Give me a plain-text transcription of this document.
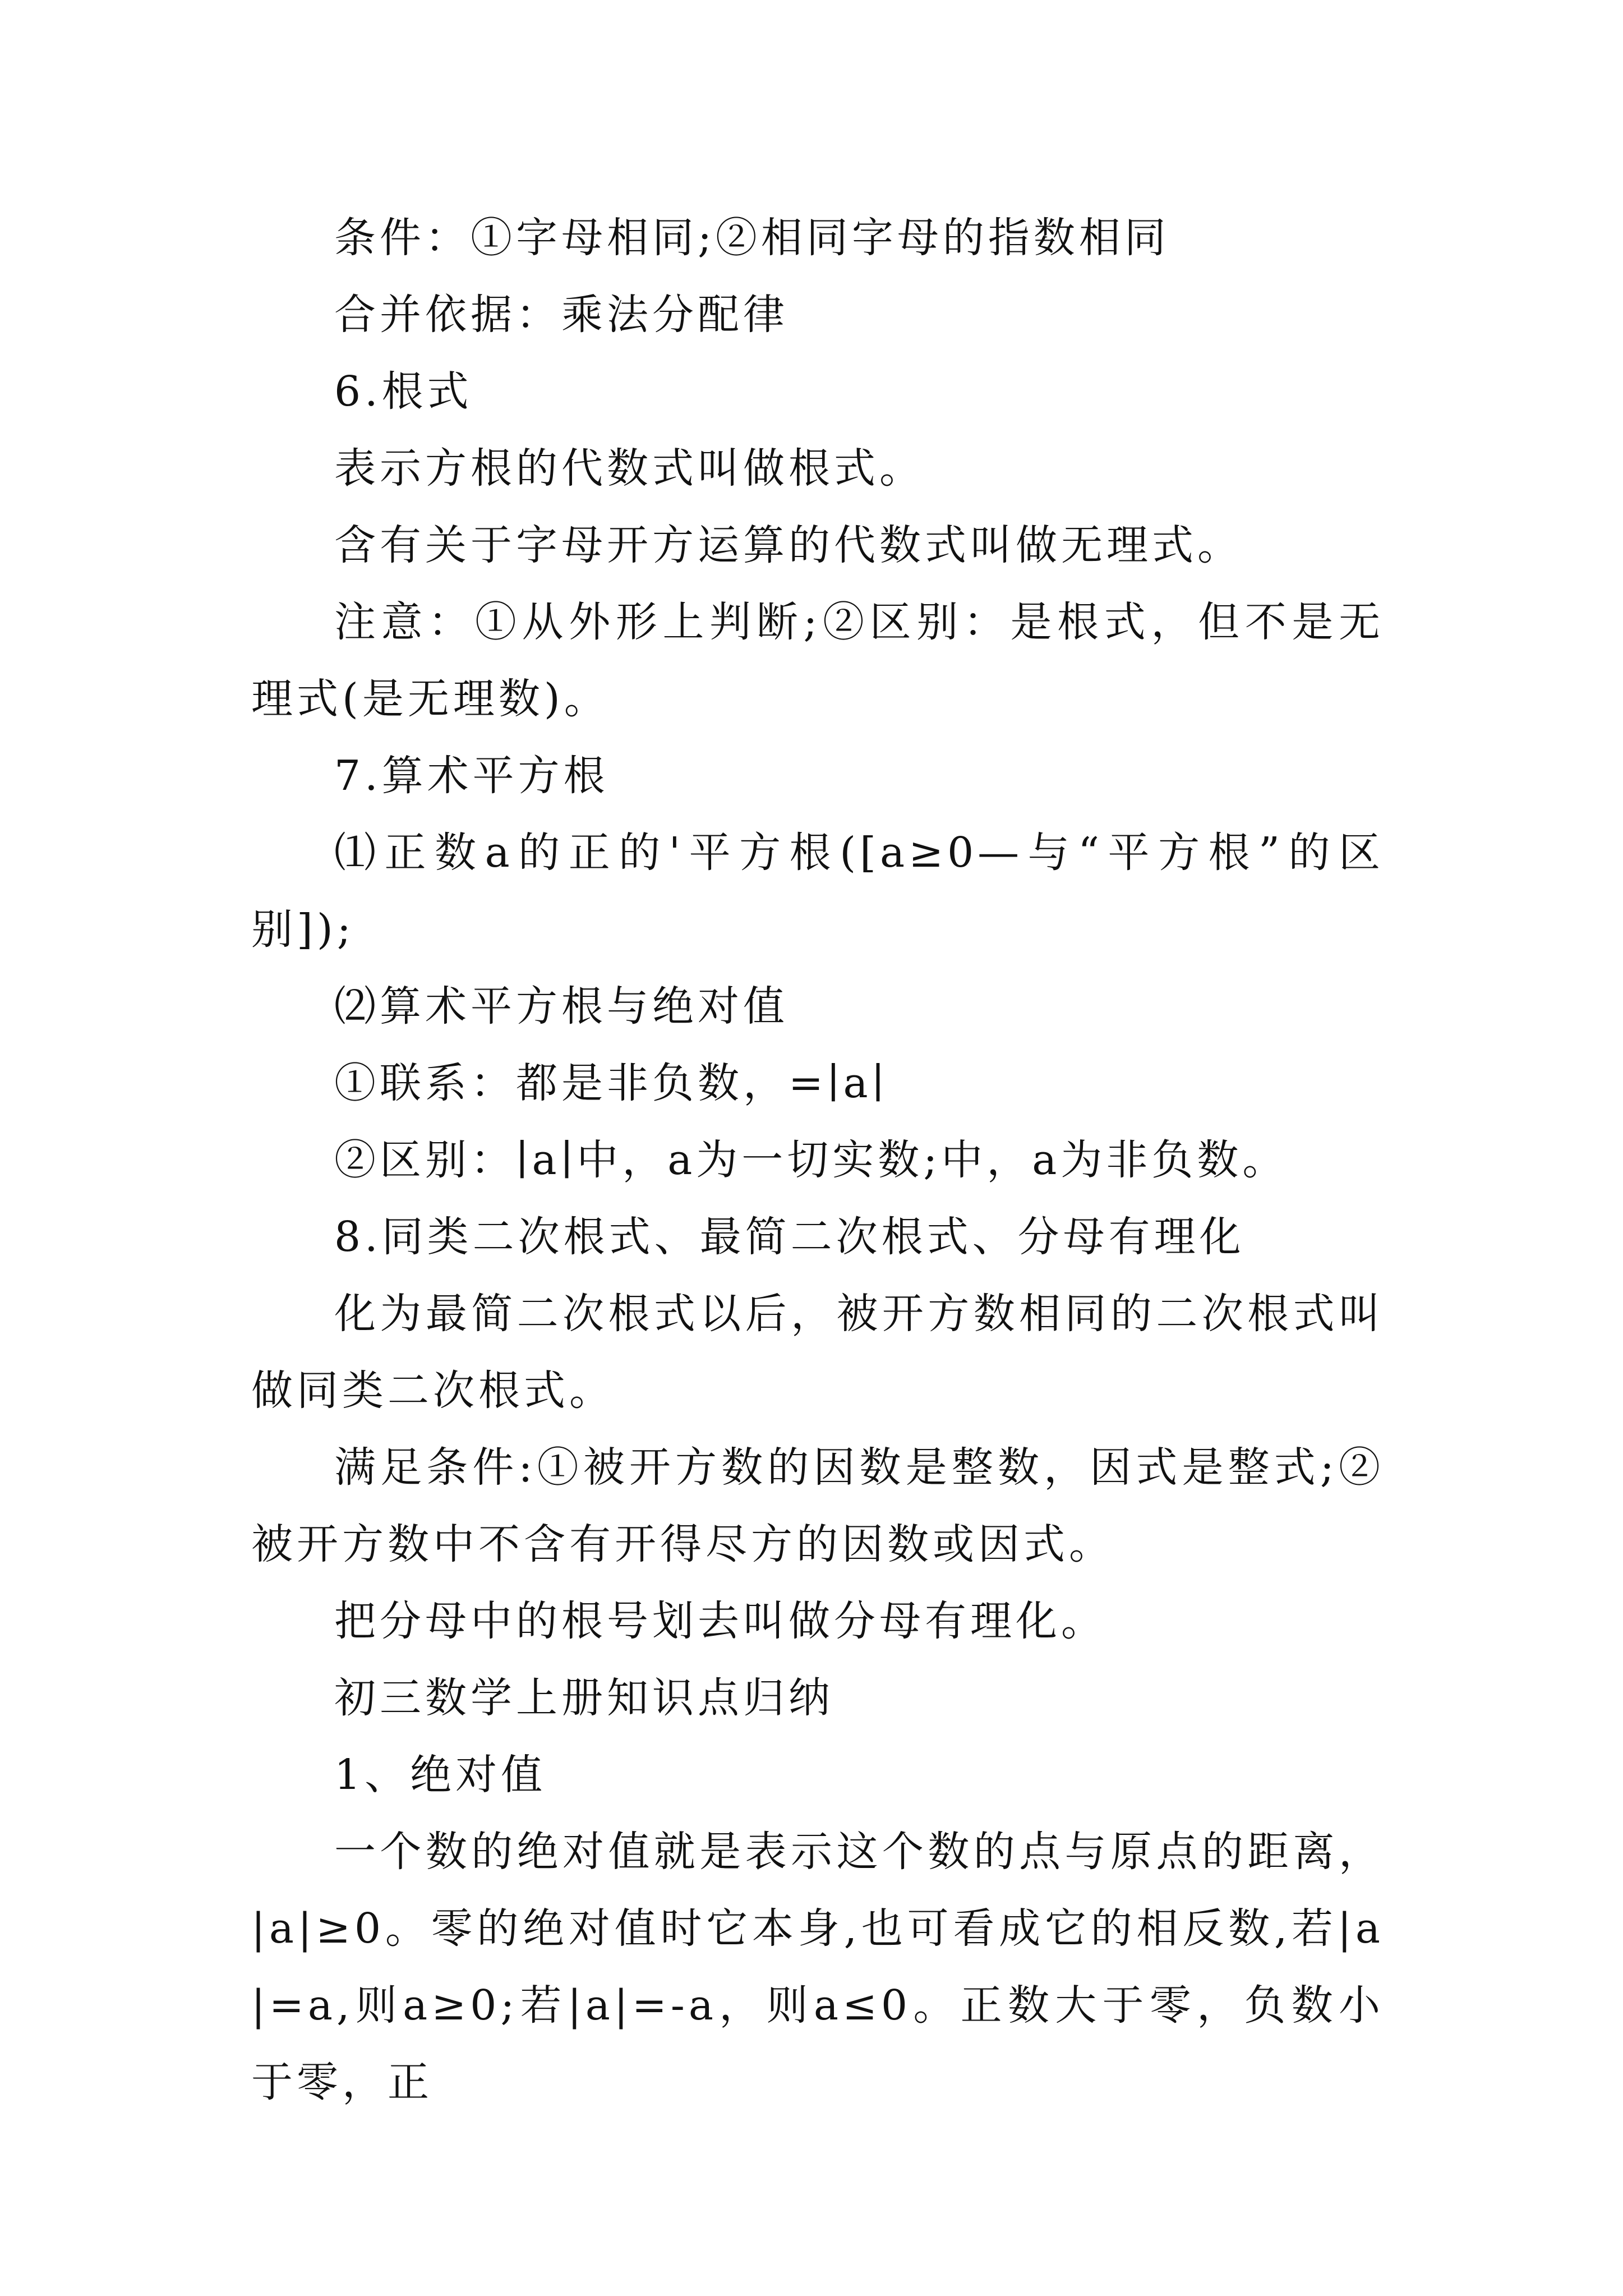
条件：①字母相同;②相同字母的指数相同

合并依据：乘法分配律

6.根式

表示方根的代数式叫做根式。

含有关于字母开方运算的代数式叫做无理式。

注意：①从外形上判断;②区别：是根式，但不是无理式(是无理数)。

7.算术平方根

⑴正数a的正的'平方根([a≥0—与“平方根”的区别]);

⑵算术平方根与绝对值

①联系：都是非负数，=∣a∣

②区别：∣a∣中，a为一切实数;中，a为非负数。

8.同类二次根式、最简二次根式、分母有理化

化为最简二次根式以后，被开方数相同的二次根式叫做同类二次根式。

满足条件:①被开方数的因数是整数，因式是整式;②被开方数中不含有开得尽方的因数或因式。

把分母中的根号划去叫做分母有理化。

初三数学上册知识点归纳

1、绝对值

一个数的绝对值就是表示这个数的点与原点的距离，|a|≥0。零的绝对值时它本身,也可看成它的相反数,若|a|=a,则a≥0;若|a|=-a，则a≤0。正数大于零，负数小于零，正
